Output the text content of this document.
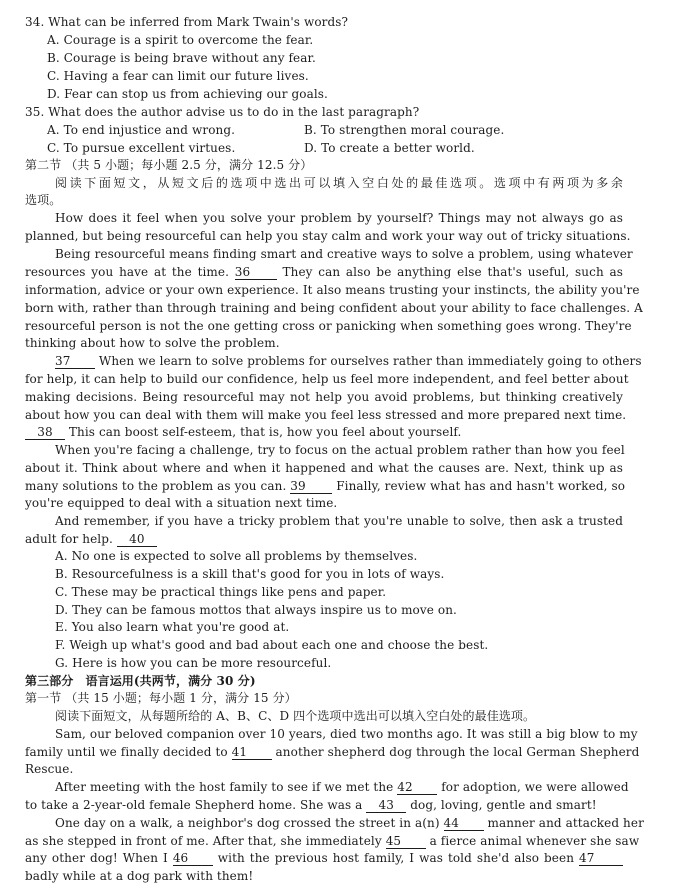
34. What can be inferred from Mark Twain's words?
A. Courage is a spirit to overcome the fear.
B. Courage is being brave without any fear.
C. Having a fear can limit our future lives.
D. Fear can stop us from achieving our goals.
35. What does the author advise us to do in the last paragraph?
A. To end injustice and wrong.	B. To strengthen moral courage.
C. To pursue excellent virtues.	D. To create a better world.
第二节 （共 5 小题；每小题 2.5 分，满分 12.5 分）
阅读下面短文，从短文后的选项中选出可以填入空白处的最佳选项。选项中有两项为多余
选项。
How does it feel when you solve your problem by yourself? Things may not always go as
planned, but being resourceful can help you stay calm and work your way out of tricky situations.
Being resourceful means finding smart and creative ways to solve a problem, using whatever
resources you have at the time. 36	They can also be anything else that's useful, such as
information, advice or your own experience. It also means trusting your instincts, the ability you're
born with, rather than through training and being confident about your ability to face challenges. A
resourceful person is not the one getting cross or panicking when something goes wrong. They're
thinking about how to solve the problem.
37 When we learn to solve problems for ourselves rather than immediately going to others
for help, it can help to build our confidence, help us feel more independent, and feel better about
making decisions. Being resourceful may not help you avoid problems, but thinking creatively
about how you can deal with them will make you feel less stressed and more prepared next time.
38 This can boost self-esteem, that is, how you feel about yourself.
When you're facing a challenge, try to focus on the actual problem rather than how you feel
about it. Think about where and when it happened and what the causes are. Next, think up as
many solutions to the problem as you can. 39	Finally, review what has and hasn't worked, so
you're equipped to deal with a situation next time.
And remember, if you have a tricky problem that you're unable to solve, then ask a trusted
adult for help. 40
A. No one is expected to solve all problems by themselves.
B. Resourcefulness is a skill that's good for you in lots of ways.
C. These may be practical things like pens and paper.
D. They can be famous mottos that always inspire us to move on.
E. You also learn what you're good at.
F. Weigh up what's good and bad about each one and choose the best.
G. Here is how you can be more resourceful.
第三部分　语言运用(共两节，满分 30 分)
第一节 （共 15 小题；每小题 1 分，满分 15 分）
阅读下面短文，从每题所给的 A、B、C、D 四个选项中选出可以填入空白处的最佳选项。
Sam, our beloved companion over 10 years, died two months ago. It was still a big blow to my
family until we finally decided to 41 another shepherd dog through the local German Shepherd
Rescue.
After meeting with the host family to see if we met the 42 for adoption, we were allowed
to take a 2-year-old female Shepherd home. She was a 43 dog, loving, gentle and smart!
One day on a walk, a neighbor's dog crossed the street in a(n) 44 manner and attacked her
as she stepped in front of me. After that, she immediately 45 a fierce animal whenever she saw
any other dog! When I 46 with the previous host family, I was told she'd also been 47
badly while at a dog park with them!
